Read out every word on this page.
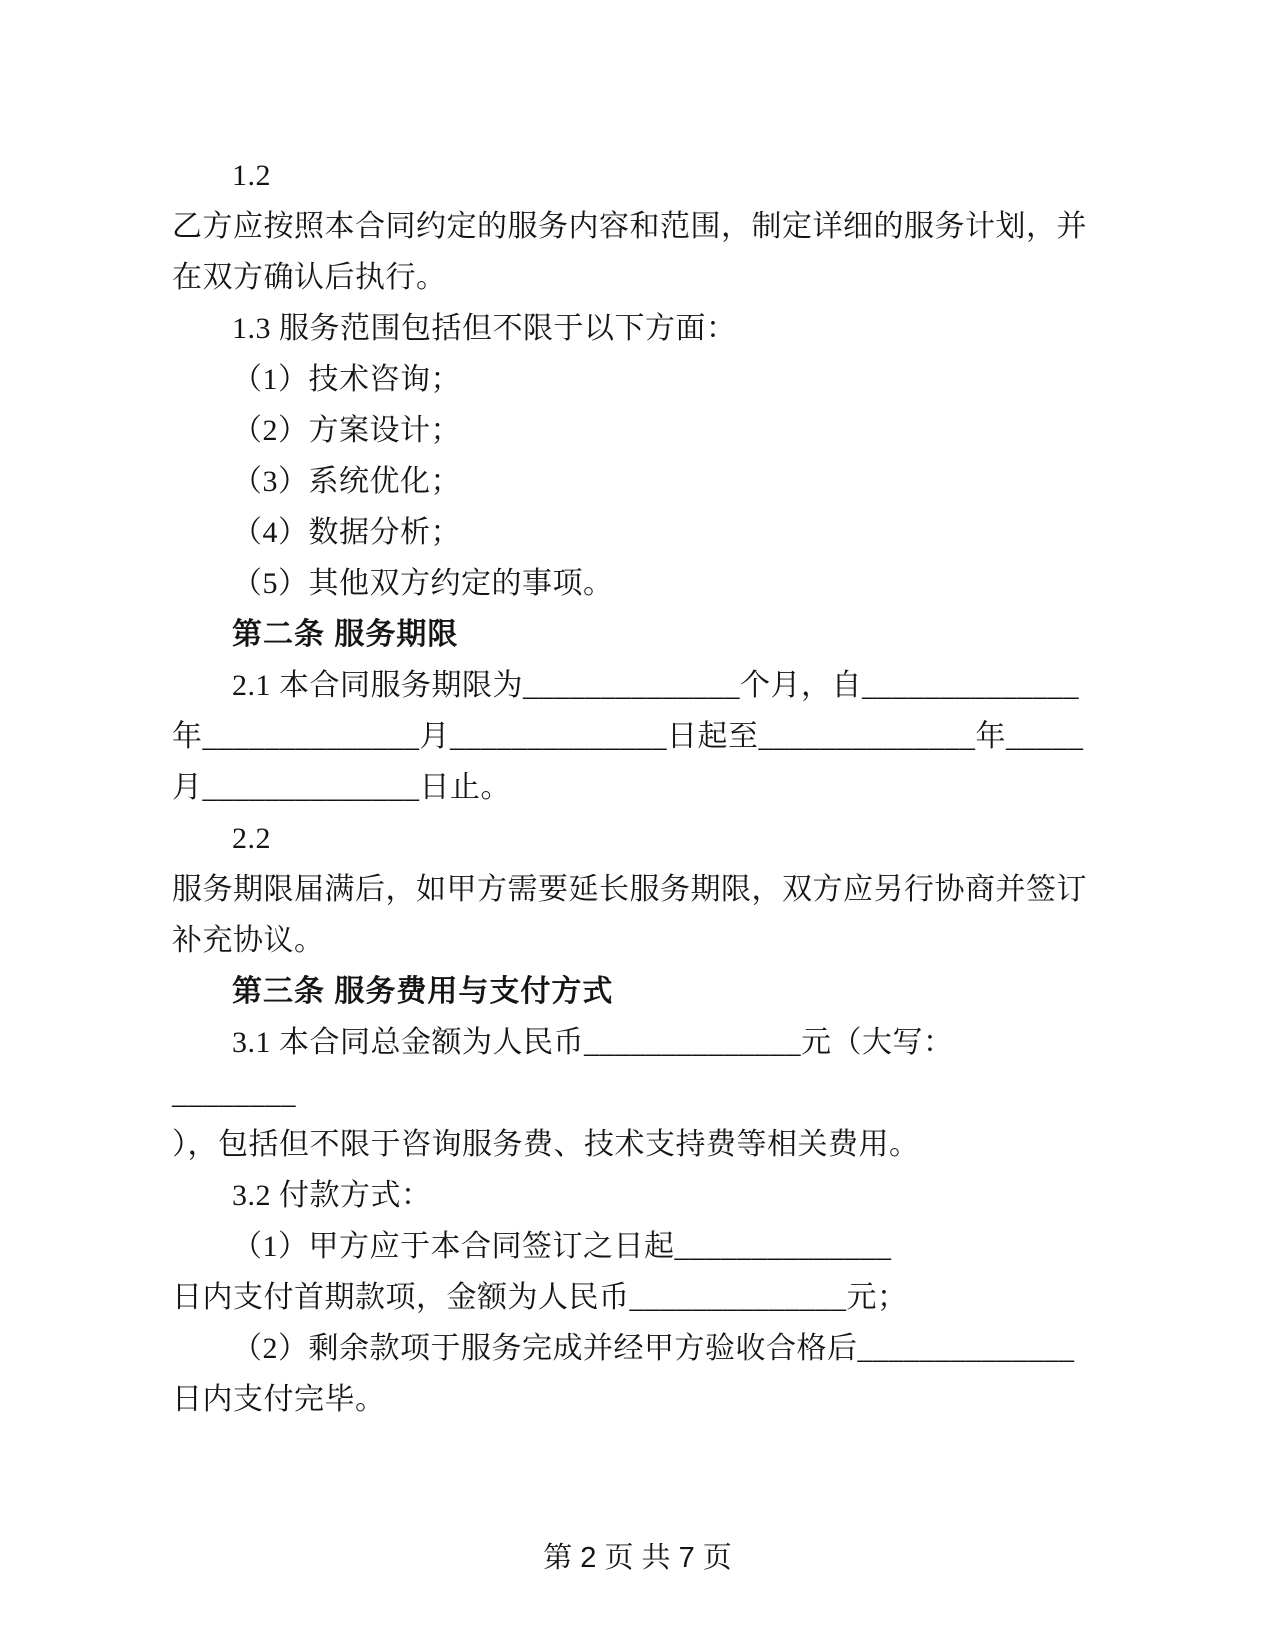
1.2

乙方应按照本合同约定的服务内容和范围，制定详细的服务计划，并

在双方确认后执行。

1.3 服务范围包括但不限于以下方面：

（1）技术咨询；

（2）方案设计；

（3）系统优化；

（4）数据分析；

（5）其他双方约定的事项。

第二条 服务期限

2.1 本合同服务期限为______________个月，自______________

年______________月______________日起至______________年_____

月______________日止。

2.2

服务期限届满后，如甲方需要延长服务期限，双方应另行协商并签订

补充协议。

第三条 服务费用与支付方式

3.1 本合同总金额为人民币______________元（大写：　________

），包括但不限于咨询服务费、技术支持费等相关费用。

3.2 付款方式：

（1）甲方应于本合同签订之日起______________

日内支付首期款项，金额为人民币______________元；

（2）剩余款项于服务完成并经甲方验收合格后______________

日内支付完毕。

第 2 页 共 7 页
